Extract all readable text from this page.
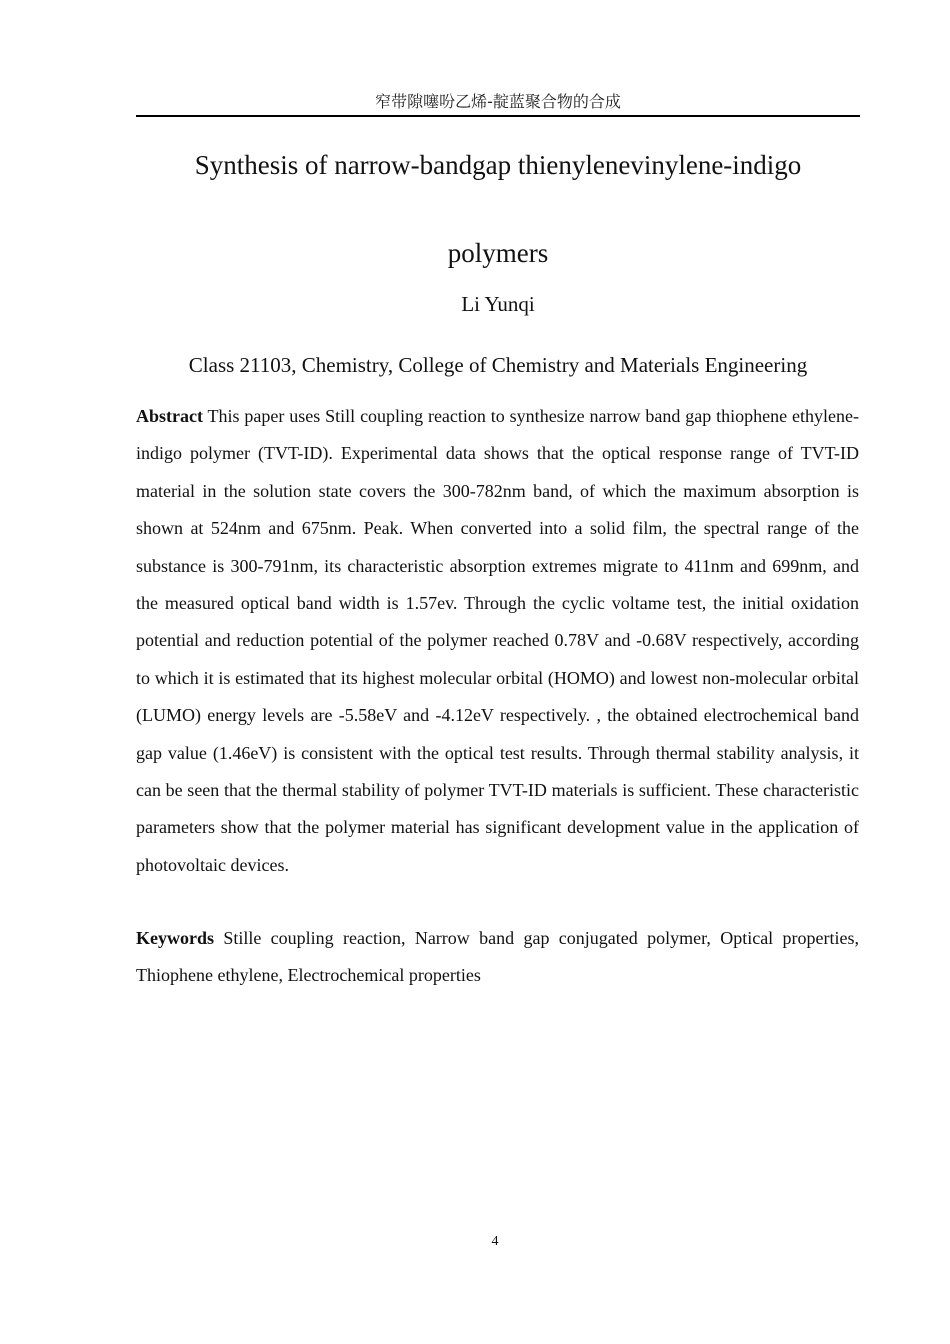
窄带隙噻吩乙烯-靛蓝聚合物的合成
Synthesis of narrow-bandgap thienylenevinylene-indigo
polymers
Li Yunqi
Class 21103, Chemistry, College of Chemistry and Materials Engineering

Abstract This paper uses Still coupling reaction to synthesize narrow band gap thiophene ethylene-indigo polymer (TVT-ID). Experimental data shows that the optical response range of TVT-ID material in the solution state covers the 300-782nm band, of which the maximum absorption is shown at 524nm and 675nm. Peak. When converted into a solid film, the spectral range of the substance is 300-791nm, its characteristic absorption extremes migrate to 411nm and 699nm, and the measured optical band width is 1.57ev. Through the cyclic voltame test, the initial oxidation potential and reduction potential of the polymer reached 0.78V and -0.68V respectively, according to which it is estimated that its highest molecular orbital (HOMO) and lowest non-molecular orbital (LUMO) energy levels are -5.58eV and -4.12eV respectively. , the obtained electrochemical band gap value (1.46eV) is consistent with the optical test results. Through thermal stability analysis, it can be seen that the thermal stability of polymer TVT-ID materials is sufficient. These characteristic parameters show that the polymer material has significant development value in the application of photovoltaic devices.

Keywords Stille coupling reaction, Narrow band gap conjugated polymer, Optical properties, Thiophene ethylene, Electrochemical properties

4
